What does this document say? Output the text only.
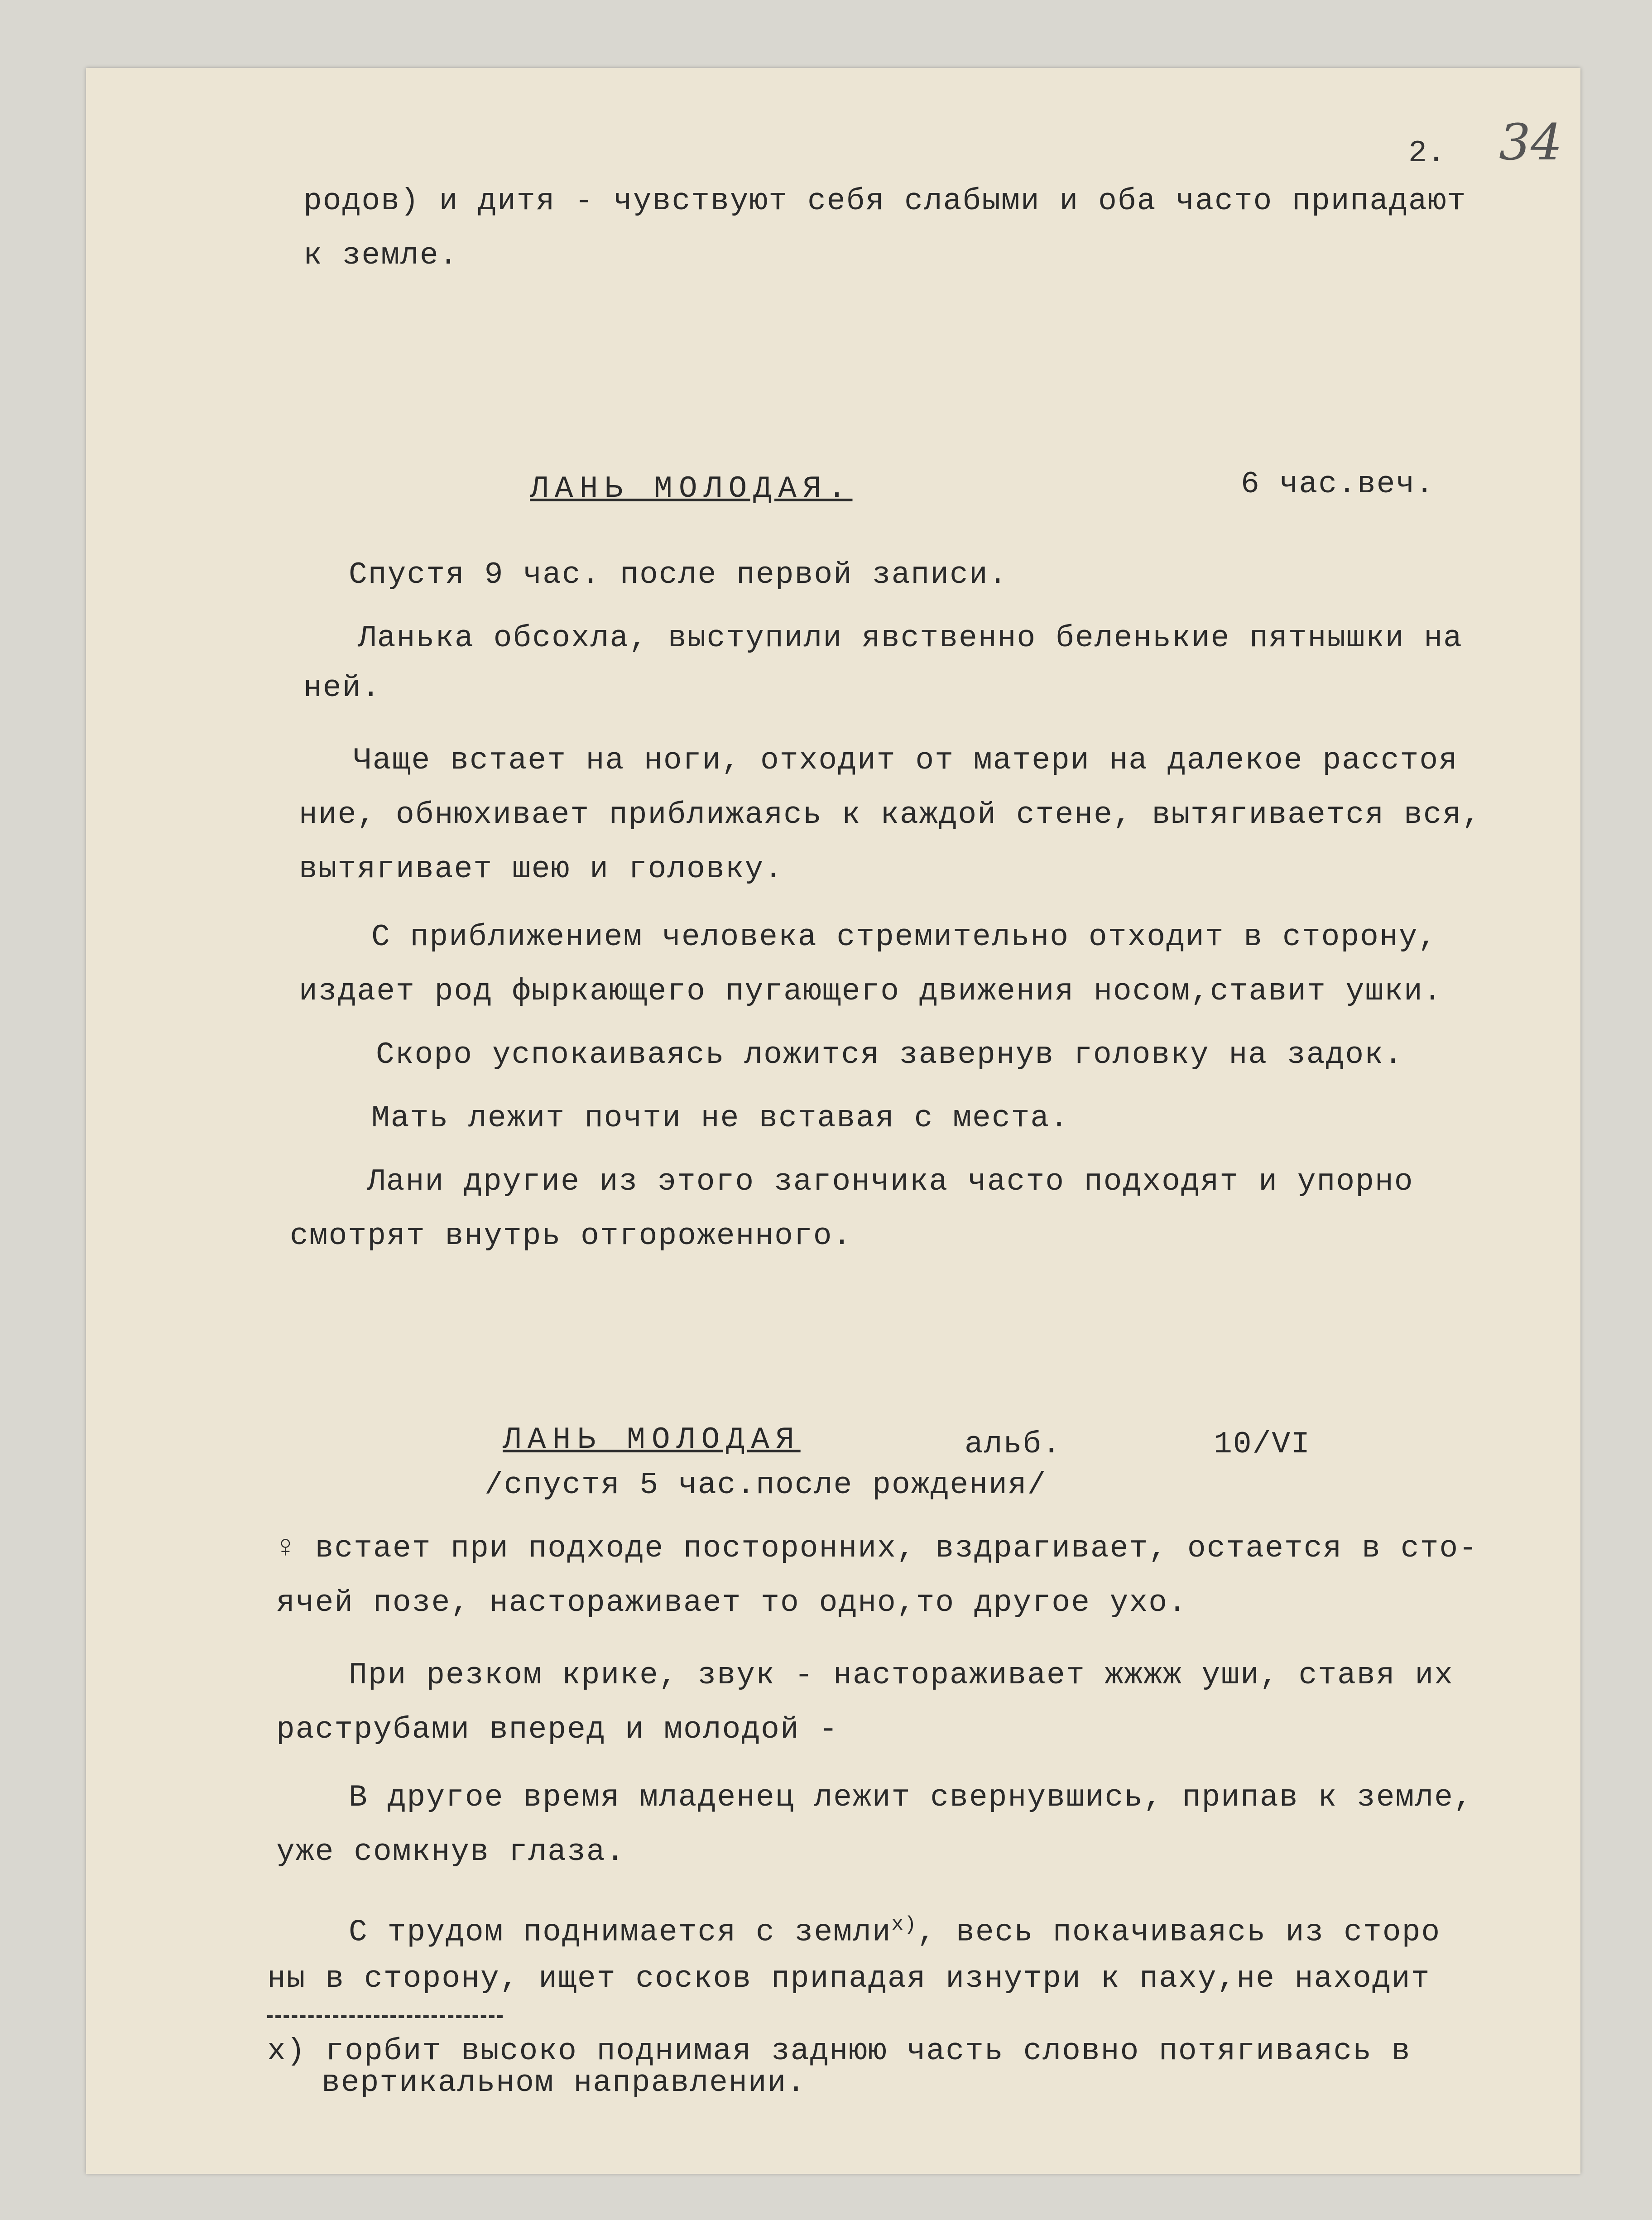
2. 34
родов) и дитя - чувствуют себя слабыми и оба часто припадают
к земле.
ЛАНЬ МОЛОДАЯ.	6 час.веч.
Спустя 9 час. после первой записи.
Ланька обсохла, выступили явственно беленькие пятнышки на
ней.
Чаще встает на ноги, отходит от матери на далекое расстоя
ние, обнюхивает приближаясь к каждой стене, вытягивается вся,
вытягивает шею и головку.
С приближением человека стремительно отходит в сторону,
издает род фыркающего пугающего движения носом,ставит ушки.
Скоро успокаиваясь ложится завернув головку на задок.
Мать лежит почти не вставая с места.
Лани другие из этого загончика часто подходят и упорно
смотрят внутрь отгороженного.
ЛАНЬ МОЛОДАЯ	альб.	10/VI
/спустя 5 час.после рождения/
♀ встает при подходе посторонних, вздрагивает, остается в сто-
ячей позе, настораживает то одно,то другое ухо.
При резком крике, звук - настораживает жжжж уши, ставя их
раструбами вперед и молодой -
В другое время младенец лежит свернувшись, припав к земле,
уже сомкнув глаза.
С трудом поднимается с земли$^{х)}$, весь покачиваясь из сторо
ны в сторону, ищет сосков припадая изнутри к паху,не находит
х) горбит высоко поднимая заднюю часть словно потягиваясь в
вертикальном направлении.
